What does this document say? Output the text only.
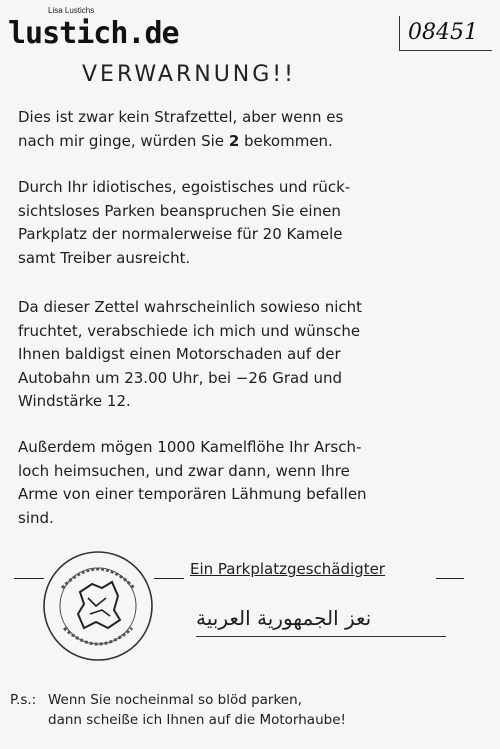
Lisa Lustichs
lustich.de	08451
VERWARNUNG!!
Dies ist zwar kein Strafzettel, aber wenn es
nach mir ginge, würden Sie 2 bekommen.
Durch Ihr idiotisches, egoistisches und rück-
sichtsloses Parken beanspruchen Sie einen
Parkplatz der normalerweise für 20 Kamele
samt Treiber ausreicht.
Da dieser Zettel wahrscheinlich sowieso nicht
fruchtet, verabschiede ich mich und wünsche
Ihnen baldigst einen Motorschaden auf der
Autobahn um 23.00 Uhr, bei −26 Grad und
Windstärke 12.
Außerdem mögen 1000 Kamelflöhe Ihr Arsch-
loch heimsuchen, und zwar dann, wenn Ihre
Arme von einer temporären Lähmung befallen
sind.
Ein Parkplatzgeschädigter
نعز الجمهورية العربية
P.s.: Wenn Sie nocheinmal so blöd parken,
dann scheiße ich Ihnen auf die Motorhaube!
